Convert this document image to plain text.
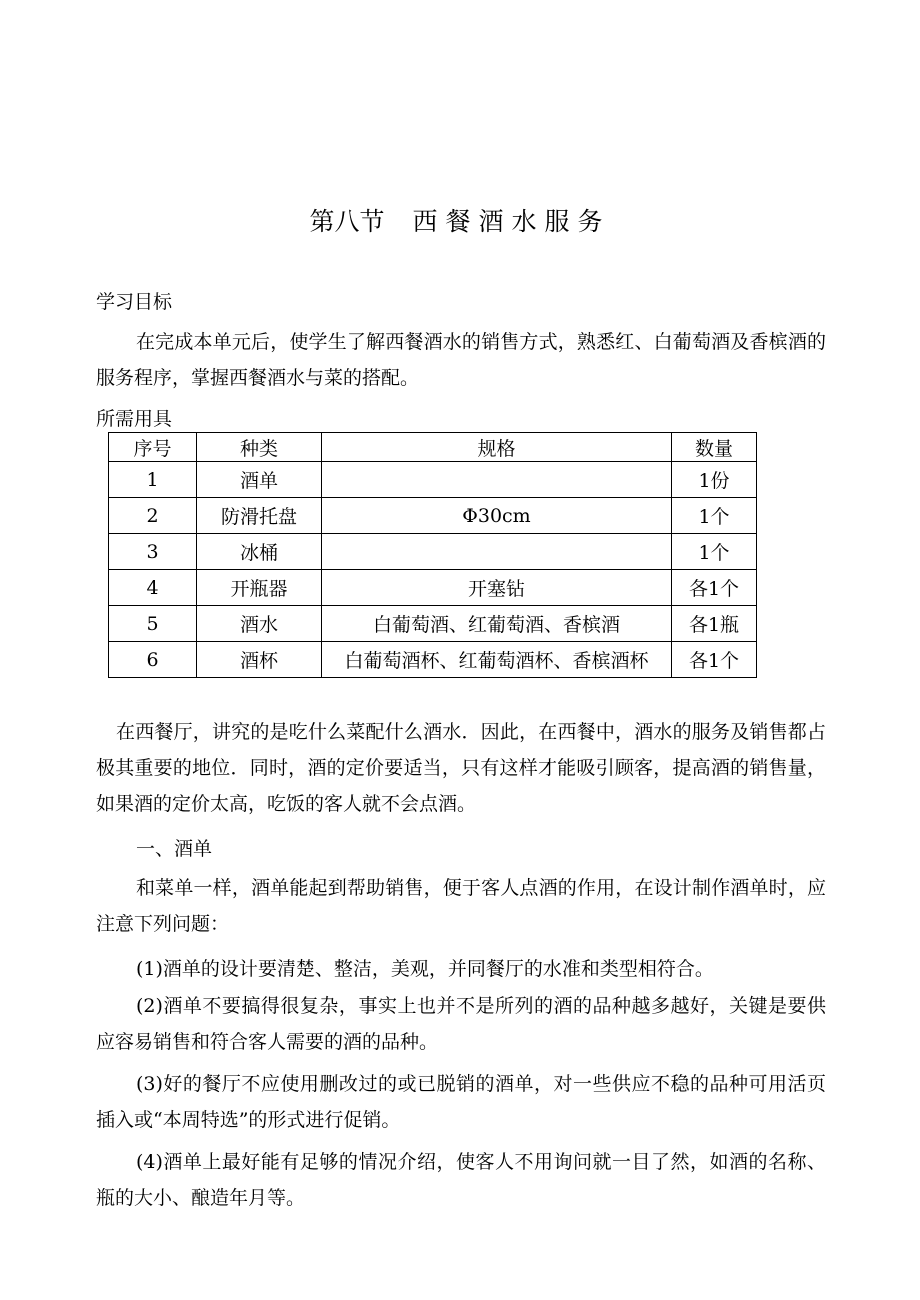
第八节 西餐酒水服务

学习目标

在完成本单元后，使学生了解西餐酒水的销售方式，熟悉红、白葡萄酒及香槟酒的服务程序，掌握西餐酒水与菜的搭配。

所需用具

序号	种类	规格	数量
1	酒单		1份
2	防滑托盘	Φ30cm	1个
3	冰桶		1个
4	开瓶器	开塞钻	各1个
5	酒水	白葡萄酒、红葡萄酒、香槟酒	各1瓶
6	酒杯	白葡萄酒杯、红葡萄酒杯、香槟酒杯	各1个

在西餐厅，讲究的是吃什么菜配什么酒水．因此，在西餐中，酒水的服务及销售都占极其重要的地位．同时，酒的定价要适当，只有这样才能吸引顾客，提高酒的销售量，如果酒的定价太高，吃饭的客人就不会点酒。

一、酒单

和菜单一样，酒单能起到帮助销售，便于客人点酒的作用，在设计制作酒单时，应注意下列问题：

(1)酒单的设计要清楚、整洁，美观，并同餐厅的水准和类型相符合。

(2)酒单不要搞得很复杂，事实上也并不是所列的酒的品种越多越好，关键是要供应容易销售和符合客人需要的酒的品种。

(3)好的餐厅不应使用删改过的或已脱销的酒单，对一些供应不稳的品种可用活页插入或“本周特选”的形式进行促销。

(4)酒单上最好能有足够的情况介绍，使客人不用询问就一目了然，如酒的名称、瓶的大小、酿造年月等。
